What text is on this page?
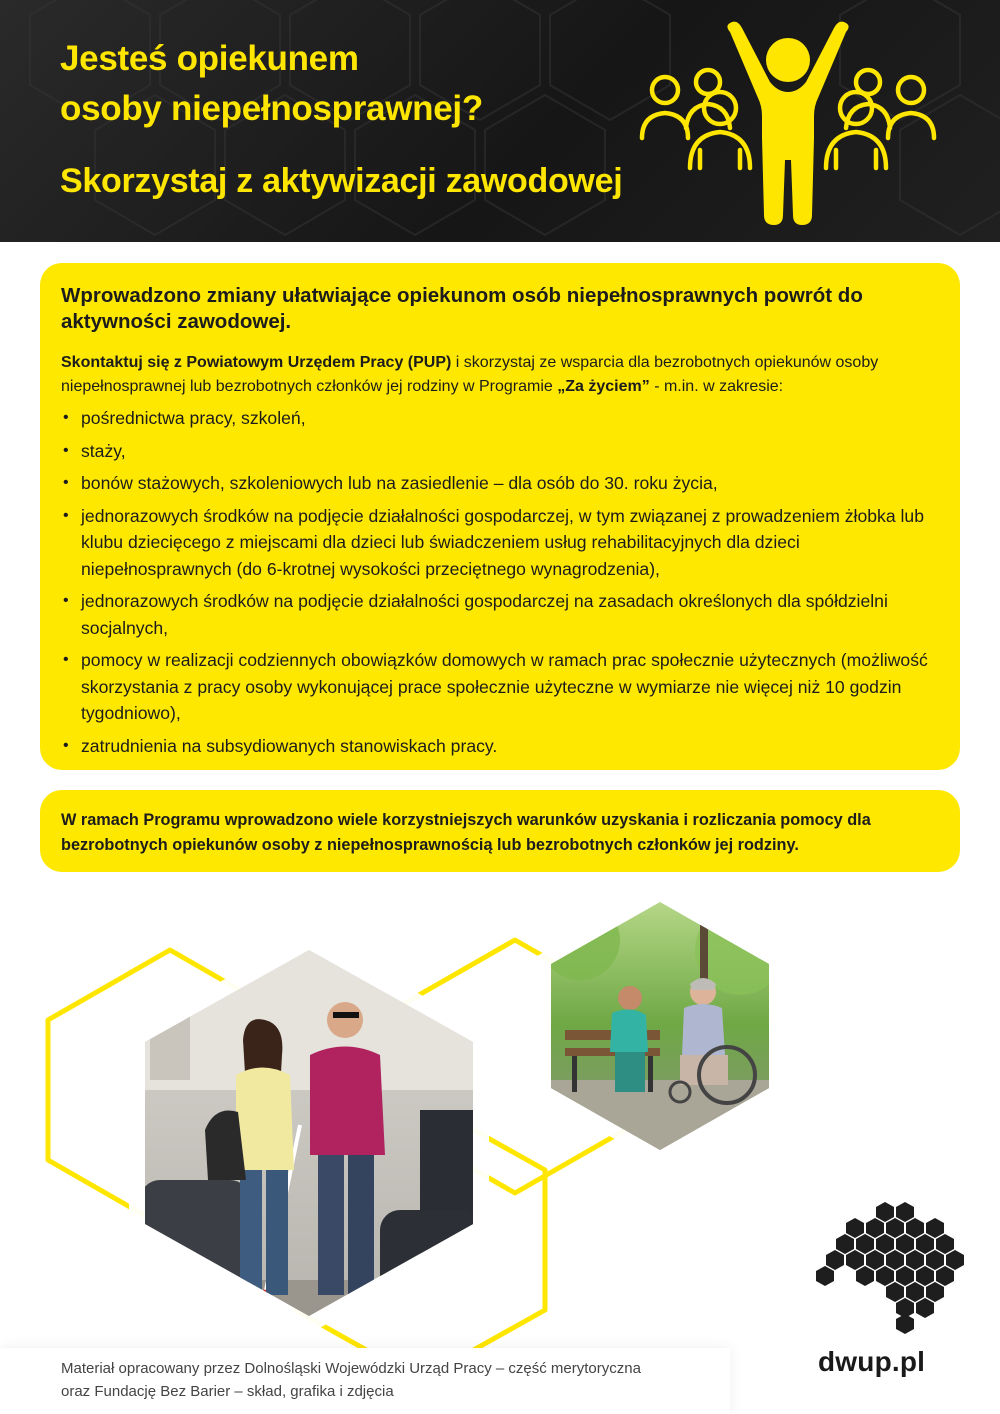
Jesteś opiekunem
osoby niepełnosprawnej?
Skorzystaj z aktywizacji zawodowej
Wprowadzono zmiany ułatwiające opiekunom osób niepełnosprawnych powrót do aktywności zawodowej.

Skontaktuj się z Powiatowym Urzędem Pracy (PUP) i skorzystaj ze wsparcia dla bezrobotnych opiekunów osoby niepełnosprawnej lub bezrobotnych członków jej rodziny w Programie „Za życiem” - m.in. w zakresie:

• pośrednictwa pracy, szkoleń,
• staży,
• bonów stażowych, szkoleniowych lub na zasiedlenie – dla osób do 30. roku życia,
• jednorazowych środków na podjęcie działalności gospodarczej, w tym związanej z prowadzeniem żłobka lub klubu dziecięcego z miejscami dla dzieci lub świadczeniem usług rehabilitacyjnych dla dzieci niepełnosprawnych (do 6-krotnej wysokości przeciętnego wynagrodzenia),
• jednorazowych środków na podjęcie działalności gospodarczej na zasadach określonych dla spółdzielni socjalnych,
• pomocy w realizacji codziennych obowiązków domowych w ramach prac społecznie użytecznych (możliwość skorzystania z pracy osoby wykonującej prace społecznie użyteczne w wymiarze nie więcej niż 10 godzin tygodniowo),
• zatrudnienia na subsydiowanych stanowiskach pracy.

W ramach Programu wprowadzono wiele korzystniejszych warunków uzyskania i rozliczania pomocy dla bezrobotnych opiekunów osoby z niepełnosprawnością lub bezrobotnych członków jej rodziny.

dwup.pl

Materiał opracowany przez Dolnośląski Wojewódzki Urząd Pracy – część merytoryczna
oraz Fundację Bez Barier – skład, grafika i zdjęcia
